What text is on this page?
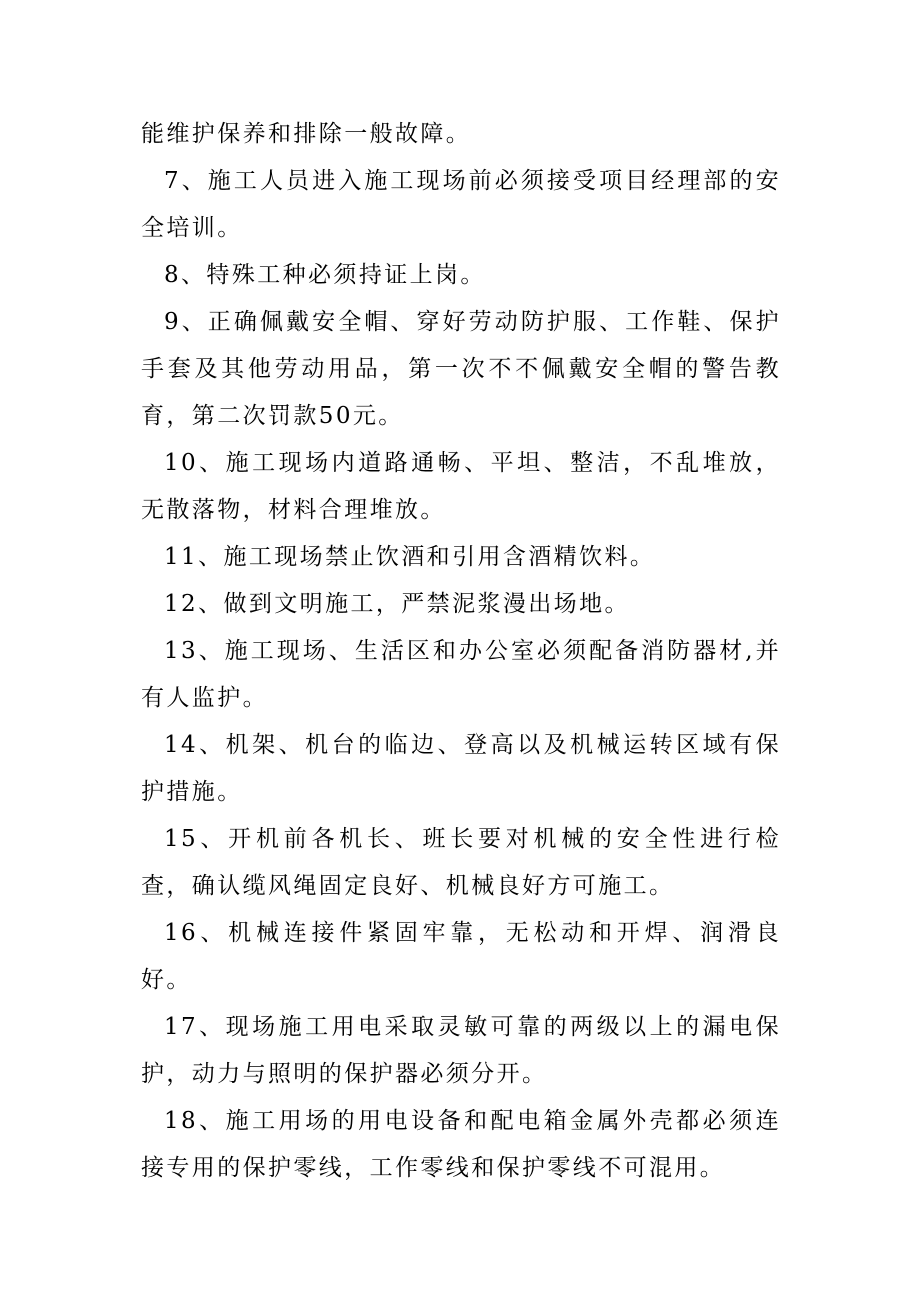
能维护保养和排除一般故障。

7、施工人员进入施工现场前必须接受项目经理部的安全培训。

8、特殊工种必须持证上岗。

9、正确佩戴安全帽、穿好劳动防护服、工作鞋、保护手套及其他劳动用品，第一次不不佩戴安全帽的警告教育，第二次罚款50元。

10、施工现场内道路通畅、平坦、整洁，不乱堆放，无散落物，材料合理堆放。

11、施工现场禁止饮酒和引用含酒精饮料。

12、做到文明施工，严禁泥浆漫出场地。

13、施工现场、生活区和办公室必须配备消防器材,并有人监护。

14、机架、机台的临边、登高以及机械运转区域有保护措施。

15、开机前各机长、班长要对机械的安全性进行检查，确认缆风绳固定良好、机械良好方可施工。

16、机械连接件紧固牢靠，无松动和开焊、润滑良好。

17、现场施工用电采取灵敏可靠的两级以上的漏电保护，动力与照明的保护器必须分开。

18、施工用场的用电设备和配电箱金属外壳都必须连接专用的保护零线，工作零线和保护零线不可混用。
